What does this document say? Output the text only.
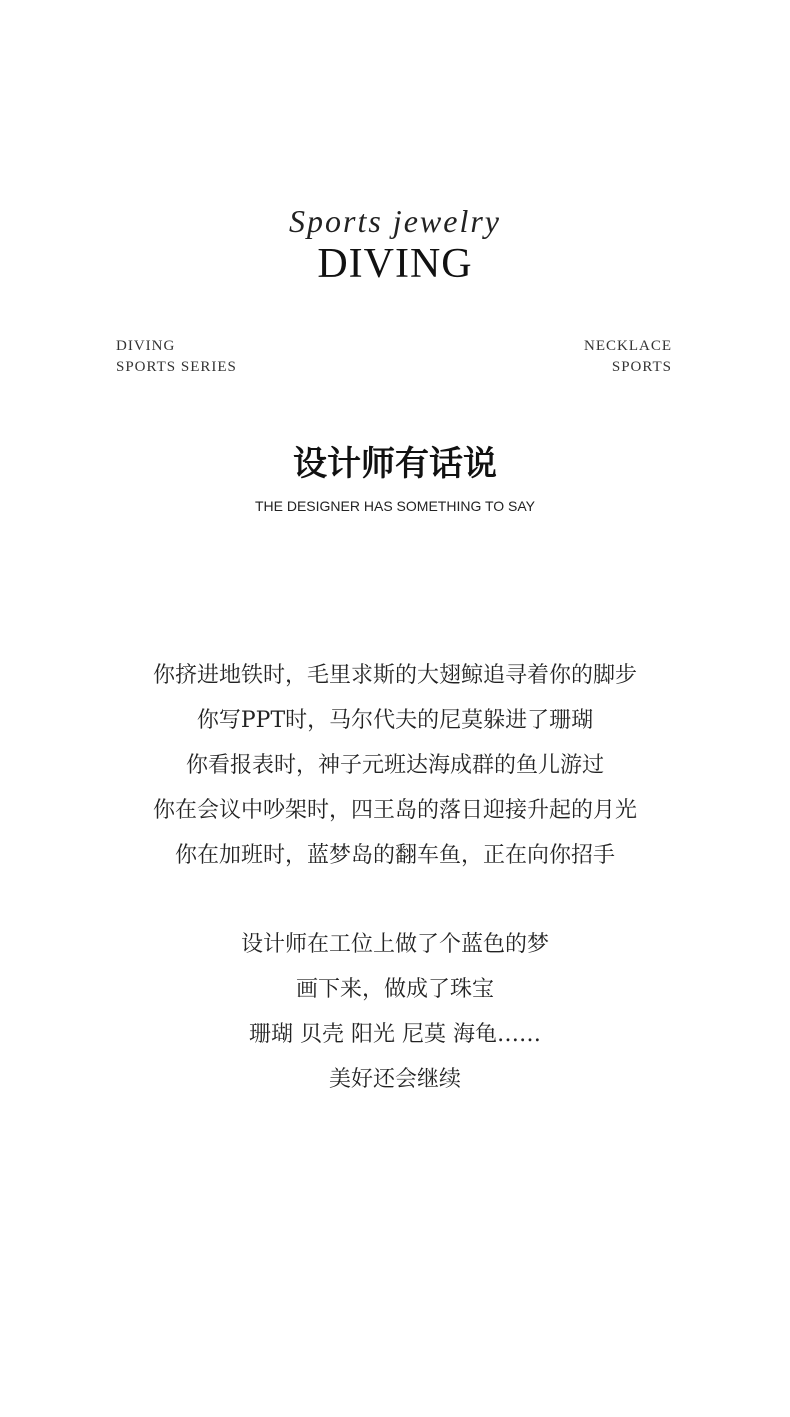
Sports jewelry
DIVING
DIVING
SPORTS SERIES
NECKLACE
SPORTS
设计师有话说
THE DESIGNER HAS SOMETHING TO SAY
你挤进地铁时，毛里求斯的大翅鲸追寻着你的脚步
你写PPT时，马尔代夫的尼莫躲进了珊瑚
你看报表时，神子元班达海成群的鱼儿游过
你在会议中吵架时，四王岛的落日迎接升起的月光
你在加班时，蓝梦岛的翻车鱼，正在向你招手
设计师在工位上做了个蓝色的梦
画下来，做成了珠宝
珊瑚 贝壳 阳光 尼莫 海龟……
美好还会继续
